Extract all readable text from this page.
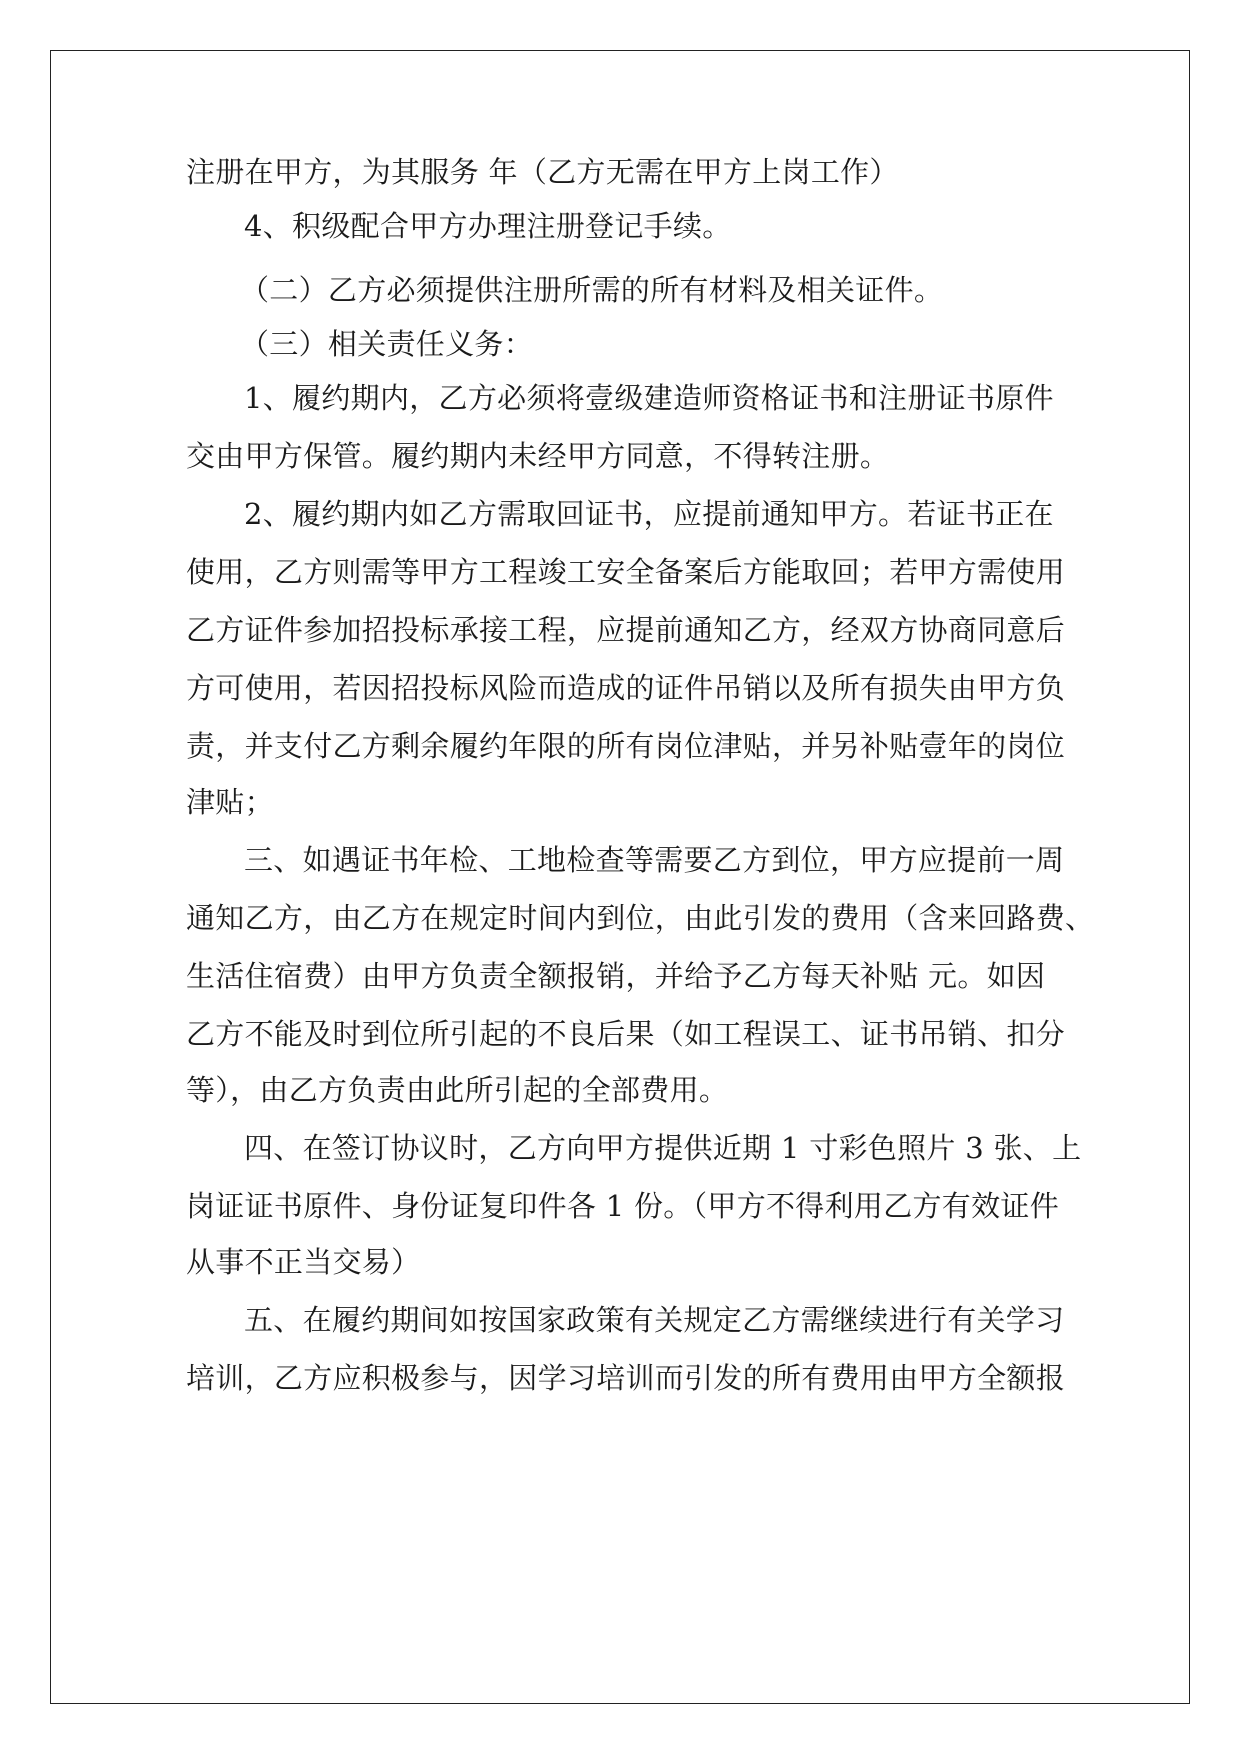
注册在甲方，为其服务 年（乙方无需在甲方上岗工作）
4、积级配合甲方办理注册登记手续。
（二）乙方必须提供注册所需的所有材料及相关证件。
（三）相关责任义务：
1、履约期内，乙方必须将壹级建造师资格证书和注册证书原件
交由甲方保管。履约期内未经甲方同意，不得转注册。
2、履约期内如乙方需取回证书，应提前通知甲方。若证书正在
使用，乙方则需等甲方工程竣工安全备案后方能取回；若甲方需使用
乙方证件参加招投标承接工程，应提前通知乙方，经双方协商同意后
方可使用，若因招投标风险而造成的证件吊销以及所有损失由甲方负
责，并支付乙方剩余履约年限的所有岗位津贴，并另补贴壹年的岗位
津贴；
三、如遇证书年检、工地检查等需要乙方到位，甲方应提前一周
通知乙方，由乙方在规定时间内到位，由此引发的费用（含来回路费、
生活住宿费）由甲方负责全额报销，并给予乙方每天补贴 元。如因
乙方不能及时到位所引起的不良后果（如工程误工、证书吊销、扣分
等），由乙方负责由此所引起的全部费用。
四、在签订协议时，乙方向甲方提供近期 1 寸彩色照片 3 张、上
岗证证书原件、身份证复印件各 1 份。（甲方不得利用乙方有效证件
从事不正当交易）
五、在履约期间如按国家政策有关规定乙方需继续进行有关学习
培训，乙方应积极参与，因学习培训而引发的所有费用由甲方全额报
